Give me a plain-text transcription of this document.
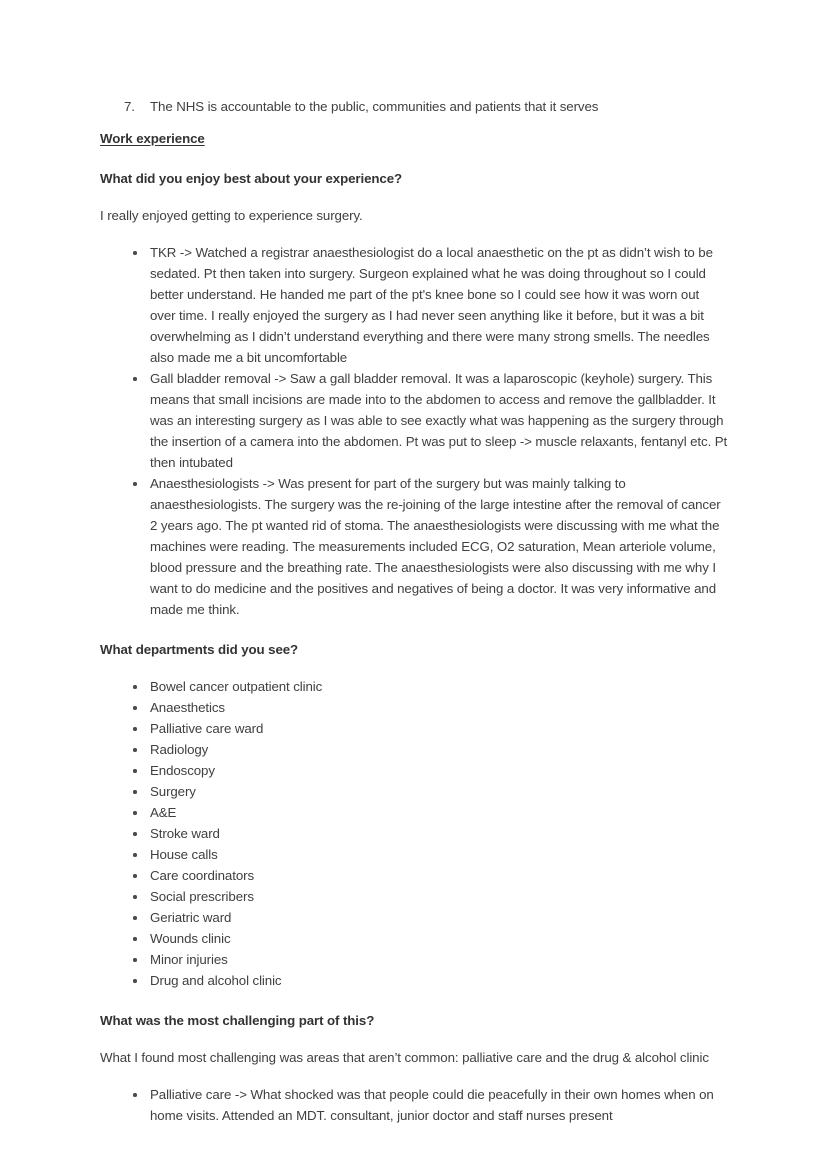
7.	The NHS is accountable to the public, communities and patients that it serves
Work experience
What did you enjoy best about your experience?
I really enjoyed getting to experience surgery.
TKR -> Watched a registrar anaesthesiologist do a local anaesthetic on the pt as didn’t wish to be sedated. Pt then taken into surgery. Surgeon explained what he was doing throughout so I could better understand. He handed me part of the pt's knee bone so I could see how it was worn out over time. I really enjoyed the surgery as I had never seen anything like it before, but it was a bit overwhelming as I didn’t understand everything and there were many strong smells. The needles also made me a bit uncomfortable
Gall bladder removal -> Saw a gall bladder removal. It was a laparoscopic (keyhole) surgery. This means that small incisions are made into to the abdomen to access and remove the gallbladder. It was an interesting surgery as I was able to see exactly what was happening as the surgery through the insertion of a camera into the abdomen. Pt was put to sleep -> muscle relaxants, fentanyl etc. Pt then intubated
Anaesthesiologists -> Was present for part of the surgery but was mainly talking to anaesthesiologists. The surgery was the re-joining of the large intestine after the removal of cancer 2 years ago. The pt wanted rid of stoma. The anaesthesiologists were discussing with me what the machines were reading. The measurements included ECG, O2 saturation, Mean arteriole volume, blood pressure and the breathing rate. The anaesthesiologists were also discussing with me why I want to do medicine and the positives and negatives of being a doctor. It was very informative and made me think.
What departments did you see?
Bowel cancer outpatient clinic
Anaesthetics
Palliative care ward
Radiology
Endoscopy
Surgery
A&E
Stroke ward
House calls
Care coordinators
Social prescribers
Geriatric ward
Wounds clinic
Minor injuries
Drug and alcohol clinic
What was the most challenging part of this?
What I found most challenging was areas that aren’t common: palliative care and the drug & alcohol clinic
Palliative care -> What shocked was that people could die peacefully in their own homes when on home visits. Attended an MDT. consultant, junior doctor and staff nurses present
